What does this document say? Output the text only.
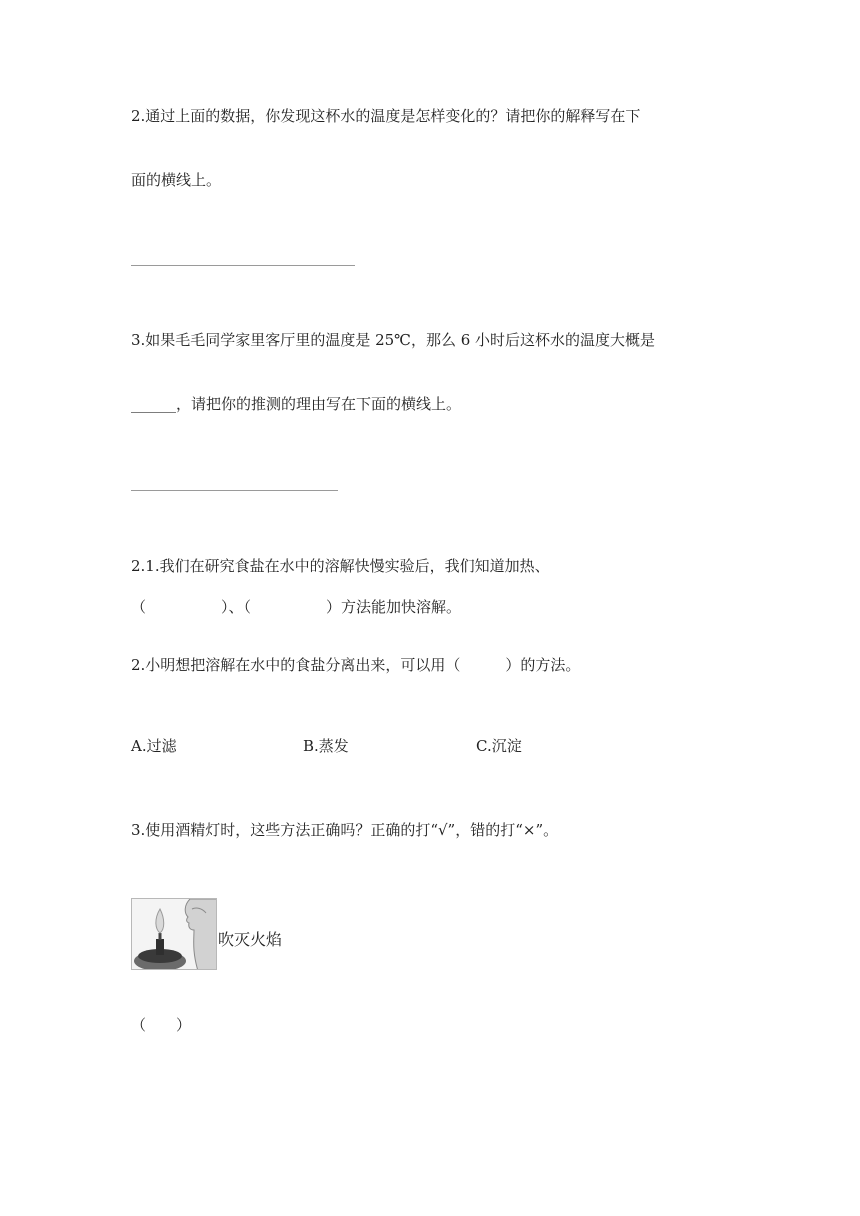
2.通过上面的数据，你发现这杯水的温度是怎样变化的？请把你的解释写在下
面的横线上。
3.如果毛毛同学家里客厅里的温度是 25℃，那么 6 小时后这杯水的温度大概是
______，请把你的推测的理由写在下面的横线上。
2.1.我们在研究食盐在水中的溶解快慢实验后，我们知道加热、
（　　　　　）、（　　　　　）方法能加快溶解。
2.小明想把溶解在水中的食盐分离出来，可以用（　　　）的方法。
A.过滤	B.蒸发	C.沉淀
3.使用酒精灯时，这些方法正确吗？正确的打“√”，错的打“×”。
吹灭火焰
（　　）
